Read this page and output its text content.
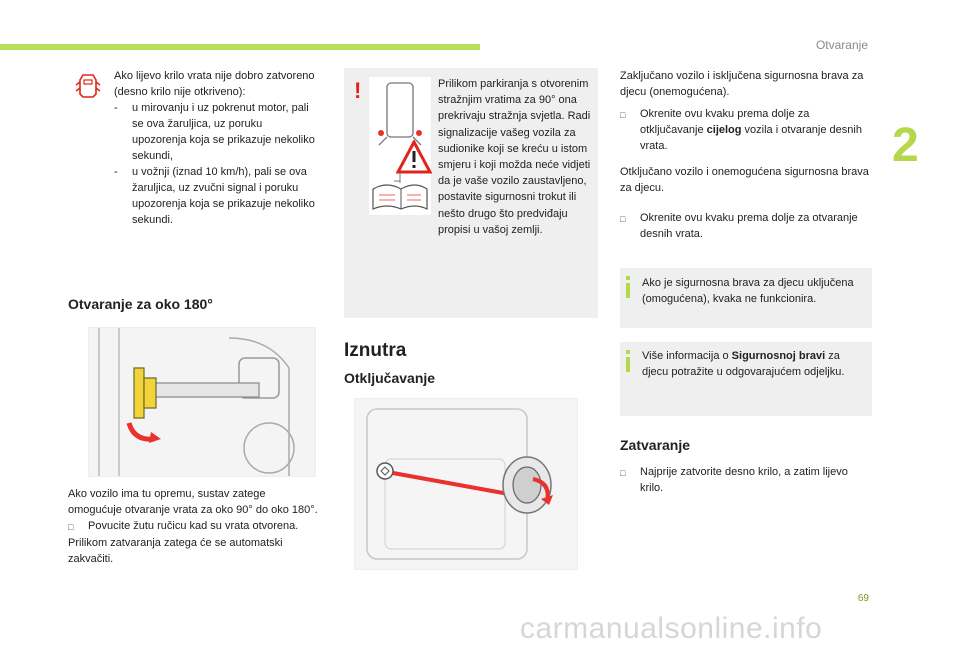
Otvaranje
2
Ako lijevo krilo vrata nije dobro zatvoreno (desno krilo nije otkriveno):
-	u mirovanju i uz pokrenut motor, pali se ova žaruljica, uz poruku upozorenja koja se prikazuje nekoliko sekundi,
-	u vožnji (iznad 10 km/h), pali se ova žaruljica, uz zvučni signal i poruku upozorenja koja se prikazuje nekoliko sekundi.
Otvaranje za oko 180°
Ako vozilo ima tu opremu, sustav zatege omogućuje otvaranje vrata za oko 90° do oko 180°.
□	Povucite žutu ručicu kad su vrata otvorena.
Prilikom zatvaranja zatega će se automatski zakvačiti.
!	Prilikom parkiranja s otvorenim stražnjim vratima za 90° ona prekrivaju stražnja svjetla. Radi signalizacije vašeg vozila za sudionike koji se kreću u istom smjeru i koji možda neće vidjeti da je vaše vozilo zaustavljeno, postavite sigurnosni trokut ili nešto drugo što predviđaju propisi u vašoj zemlji.
Iznutra
Otključavanje
Zaključano vozilo i isključena sigurnosna brava za djecu (onemogućena).
□	Okrenite ovu kvaku prema dolje za otključavanje cijelog vozila i otvaranje desnih vrata.
Otključano vozilo i onemogućena sigurnosna brava za djecu.
□	Okrenite ovu kvaku prema dolje za otvaranje desnih vrata.
Ako je sigurnosna brava za djecu uključena (omogućena), kvaka ne funkcionira.
Više informacija o Sigurnosnoj bravi za djecu potražite u odgovarajućem odjeljku.
Zatvaranje
□	Najprije zatvorite desno krilo, a zatim lijevo krilo.
69
carmanualsonline.info
